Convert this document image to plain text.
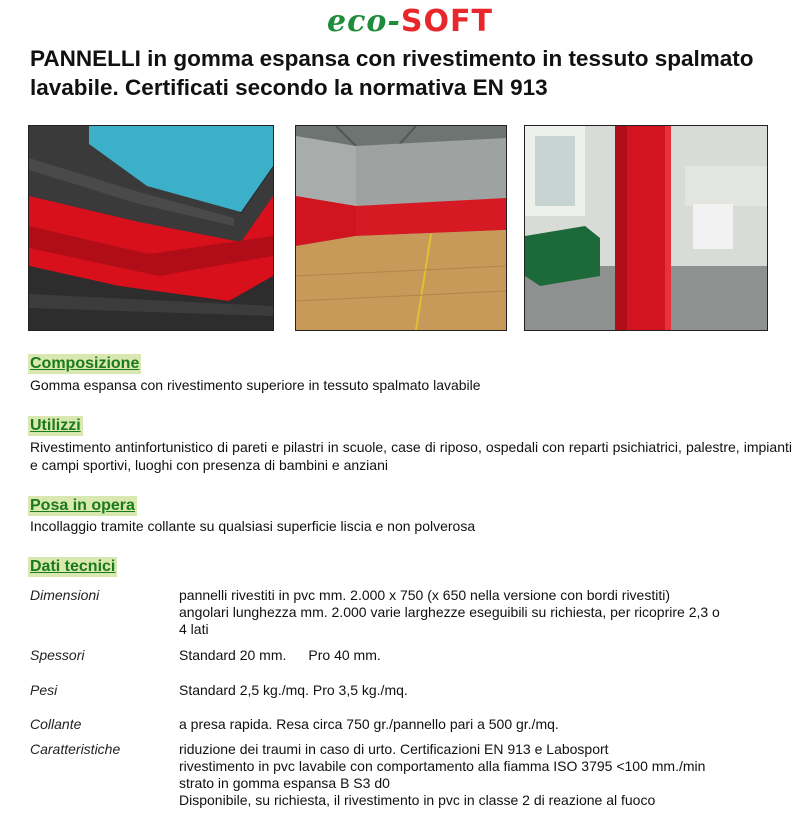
eco-SOFT
PANNELLI in gomma espansa con rivestimento in tessuto spalmato lavabile. Certificati secondo la normativa EN 913
Composizione
Gomma espansa con rivestimento superiore in tessuto spalmato lavabile
Utilizzi
Rivestimento antinfortunistico di pareti e pilastri in scuole, case di riposo, ospedali con reparti psichiatrici, palestre, impianti e campi sportivi, luoghi con presenza di bambini e anziani
Posa in opera
Incollaggio tramite collante su qualsiasi superficie liscia e non polverosa
Dati tecnici
Dimensioni	pannelli rivestiti in pvc mm. 2.000 x 750 (x 650 nella versione con bordi rivestiti)
angolari lunghezza mm. 2.000 varie larghezze eseguibili su richiesta, per ricoprire 2,3 o
4 lati
Spessori	Standard 20 mm. Pro 40 mm.
Pesi	Standard 2,5 kg./mq. Pro 3,5 kg./mq.
Collante	a presa rapida. Resa circa 750 gr./pannello pari a 500 gr./mq.
Caratteristiche	riduzione dei traumi in caso di urto. Certificazioni EN 913 e Labosport
rivestimento in pvc lavabile con comportamento alla fiamma ISO 3795 <100 mm./min
strato in gomma espansa B S3 d0
Disponibile, su richiesta, il rivestimento in pvc in classe 2 di reazione al fuoco
